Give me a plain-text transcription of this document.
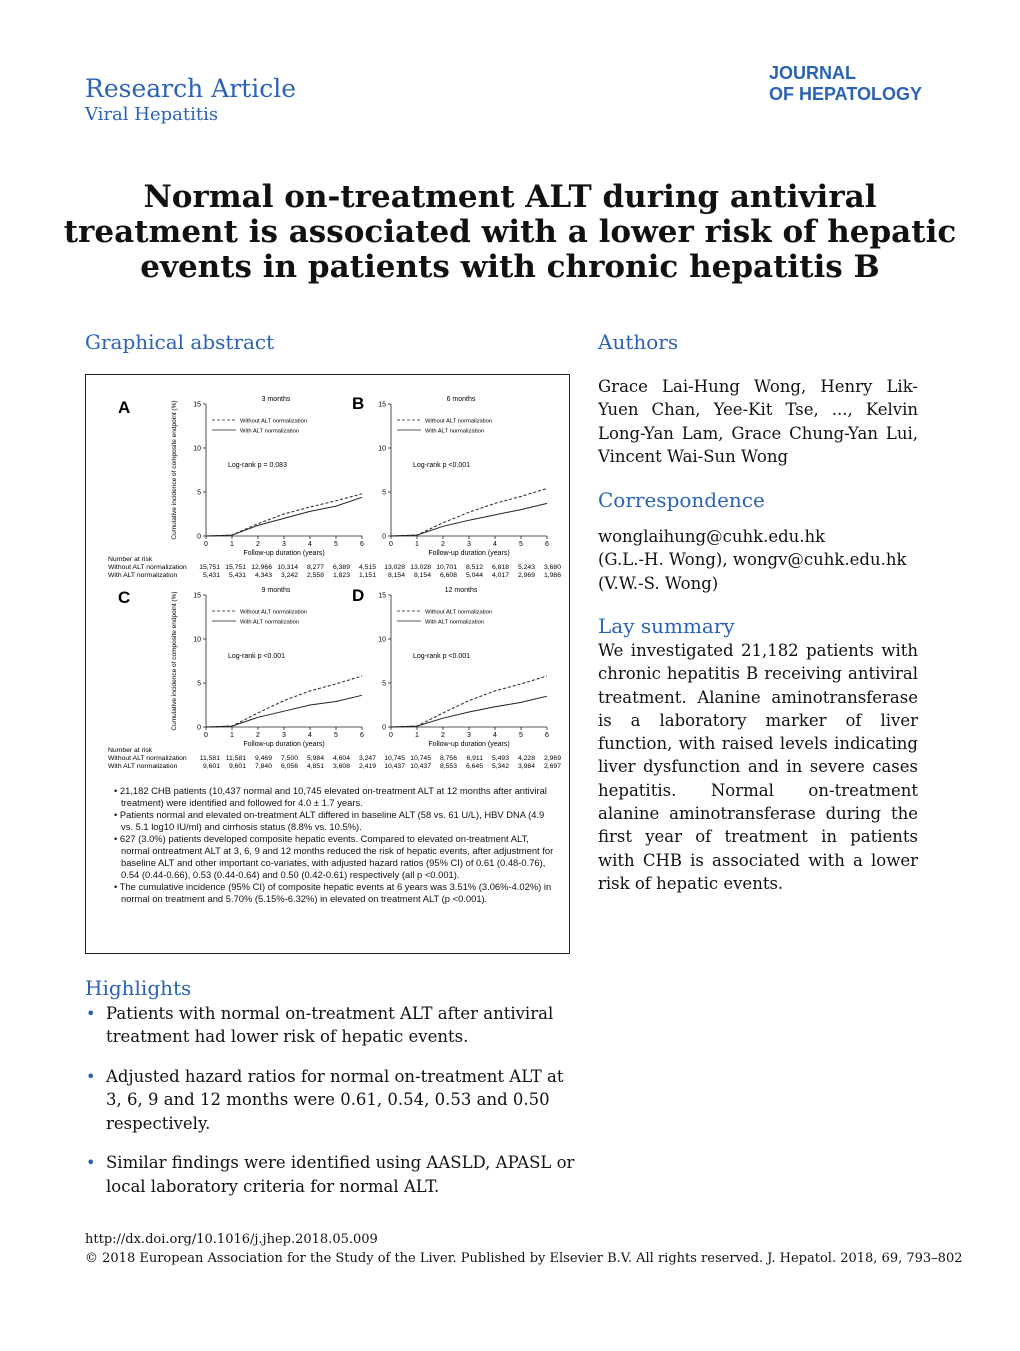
Research Article
Viral Hepatitis
JOURNAL
OF HEPATOLOGY
Normal on-treatment ALT during antiviral treatment is associated with a lower risk of hepatic events in patients with chronic hepatitis B
Graphical abstract	Authors
Correspondence
Lay summary
Highlights
Grace Lai-Hung Wong, Henry Lik-Yuen Chan, Yee-Kit Tse, ..., Kelvin Long-Yan Lam, Grace Chung-Yan Lui, Vincent Wai-Sun Wong
wonglaihung@cuhk.edu.hk
(G.L.-H. Wong), wongv@cuhk.edu.hk
(V.W.-S. Wong)
We investigated 21,182 patients with chronic hepatitis B receiving antiviral treatment. Alanine aminotransferase is a laboratory marker of liver function, with raised levels indicating liver dysfunction and in severe cases hepatitis. Normal on-treatment alanine aminotransferase during the first year of treatment in patients with CHB is associated with a lower risk of hepatic events.
A	3 months
0
5
10
15
0	1	2	3	4	5	6
Follow-up duration (years)
Cumulative incidence of composite endpoint (%)	Without ALT normalization
With ALT normalization
Log-rank p = 0.083
Number at risk
Without ALT normalization 15,751 15,751 12,966 10,314 8,277 6,389 4,515
With ALT normalization	5,431 5,431 4,343 3,242 2,558 1,823 1,151
B	6 months
0
5
10
15
0	1	2	3	4	5	6
Follow-up duration (years)
Without ALT normalization
With ALT normalization
Log-rank p <0.001
13,028 13,028 10,701 8,512 6,818 5,243 3,680
8,154 8,154 6,608 5,044 4,017 2,969 1,986
C	9 months
0
5
10
15
0	1	2	3	4	5	6
Follow-up duration (years)
Cumulative incidence of composite endpoint (%)	Without ALT normalization
With ALT normalization
Log-rank p <0.001
Number at risk
Without ALT normalization 11,581 11,581 9,469 7,500 5,984 4,604 3,247
With ALT normalization	9,601 9,601 7,840 6,056 4,851 3,608 2,419
D	12 months
0
5
10
15
0	1	2	3	4	5	6
Follow-up duration (years)
Without ALT normalization
With ALT normalization
Log-rank p <0.001
10,745 10,745 8,756 6,911 5,493 4,228 2,969
10,437 10,437 8,553 6,645 5,342 3,984 2,697

• 21,182 CHB patients (10,437 normal and 10,745 elevated on-treatment ALT at 12 months after antiviral treatment) were identified and followed for 4.0 ± 1.7 years.

• Patients normal and elevated on-treatment ALT differed in baseline ALT (58 vs. 61 U/L), HBV DNA (4.9 vs. 5.1 log10 IU/ml) and cirrhosis status (8.8% vs. 10.5%).

• 627 (3.0%) patients developed composite hepatic events. Compared to elevated on-treatment ALT, normal ontreatment ALT at 3, 6, 9 and 12 months reduced the risk of hepatic events, after adjustment for baseline ALT and other important co-variates, with adjusted hazard ratios (95% CI) of 0.61 (0.48-0.76), 0.54 (0.44-0.66), 0.53 (0.44-0.64) and 0.50 (0.42-0.61) respectively (all p <0.001).

• The cumulative incidence (95% CI) of composite hepatic events at 6 years was 3.51% (3.06%-4.02%) in normal on treatment and 5.70% (5.15%-6.32%) in elevated on treatment ALT (p <0.001).

• Patients with normal on-treatment ALT after antiviral treatment had lower risk of hepatic events.
• Adjusted hazard ratios for normal on-treatment ALT at 3, 6, 9 and 12 months were 0.61, 0.54, 0.53 and 0.50 respectively.
• Similar findings were identified using AASLD, APASL or local laboratory criteria for normal ALT.
http://dx.doi.org/10.1016/j.jhep.2018.05.009
© 2018 European Association for the Study of the Liver. Published by Elsevier B.V. All rights reserved. J. Hepatol. 2018, 69, 793–802
